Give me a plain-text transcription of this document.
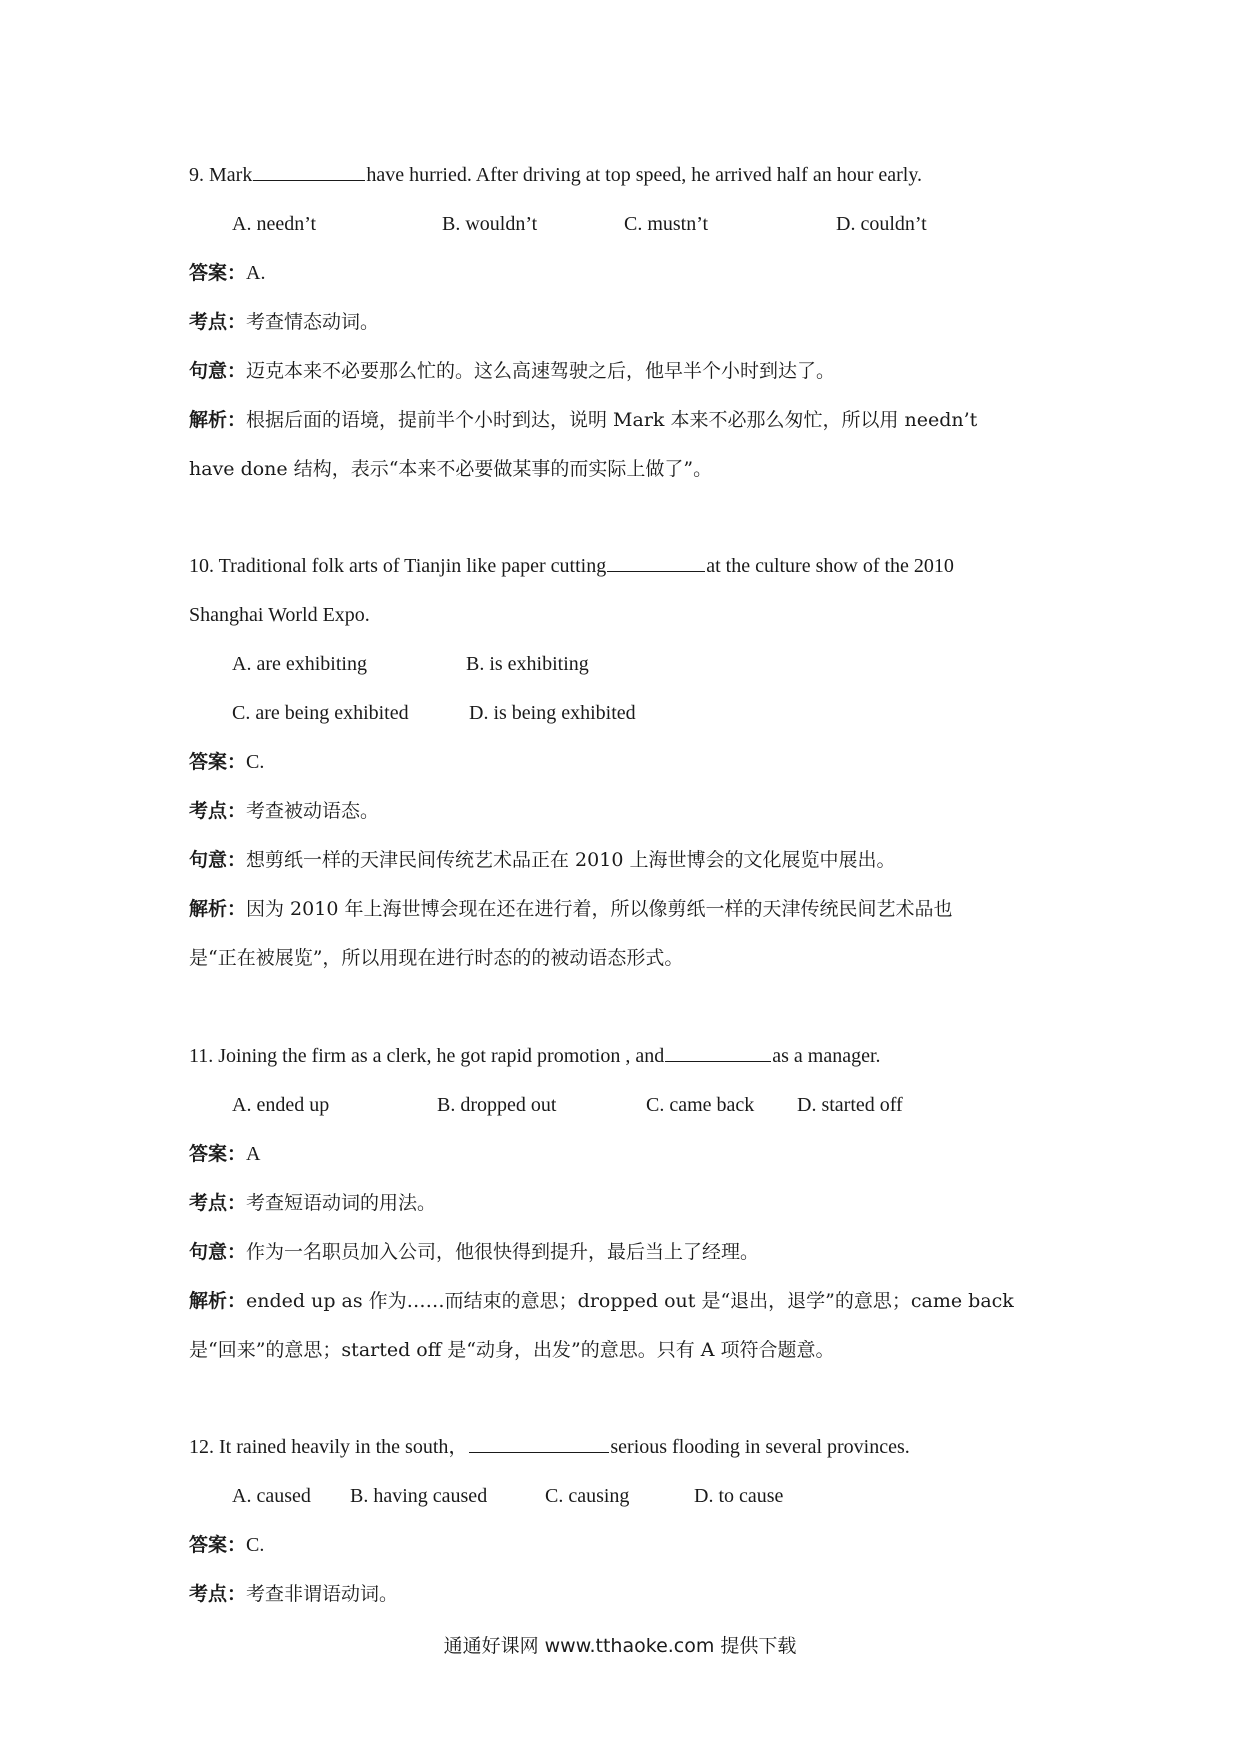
9. Mark	have hurried. After driving at top speed, he arrived half an hour early.
A. needn’t	B. wouldn’t	C. mustn’t	D. couldn’t
答案：A.
考点：考查情态动词。
句意：迈克本来不必要那么忙的。这么高速驾驶之后，他早半个小时到达了。
解析：根据后面的语境，提前半个小时到达，说明 Mark 本来不必那么匆忙，所以用 needn’t
have done 结构，表示“本来不必要做某事的而实际上做了”。
10. Traditional folk arts of Tianjin like paper cutting	at the culture show of the 2010
Shanghai World Expo.
A. are exhibiting	B. is exhibiting
C. are being exhibited	D. is being exhibited
答案：C.
考点：考查被动语态。
句意：想剪纸一样的天津民间传统艺术品正在 2010 上海世博会的文化展览中展出。
解析：因为 2010 年上海世博会现在还在进行着，所以像剪纸一样的天津传统民间艺术品也
是“正在被展览”，所以用现在进行时态的的被动语态形式。
11. Joining the firm as a clerk, he got rapid promotion , and	as a manager.
A. ended up	B. dropped out	C. came back D. started off
答案：A
考点：考查短语动词的用法。
句意：作为一名职员加入公司，他很快得到提升，最后当上了经理。
解析：ended up as 作为……而结束的意思；dropped out 是“退出，退学”的意思；came back
是“回来”的意思；started off 是“动身，出发”的意思。只有 A 项符合题意。
12. It rained heavily in the south，	serious flooding in several provinces.
A. caused B. having caused	C. causing	D. to cause
答案：C.
考点：考查非谓语动词。
通通好课网 www.tthaoke.com 提供下载
